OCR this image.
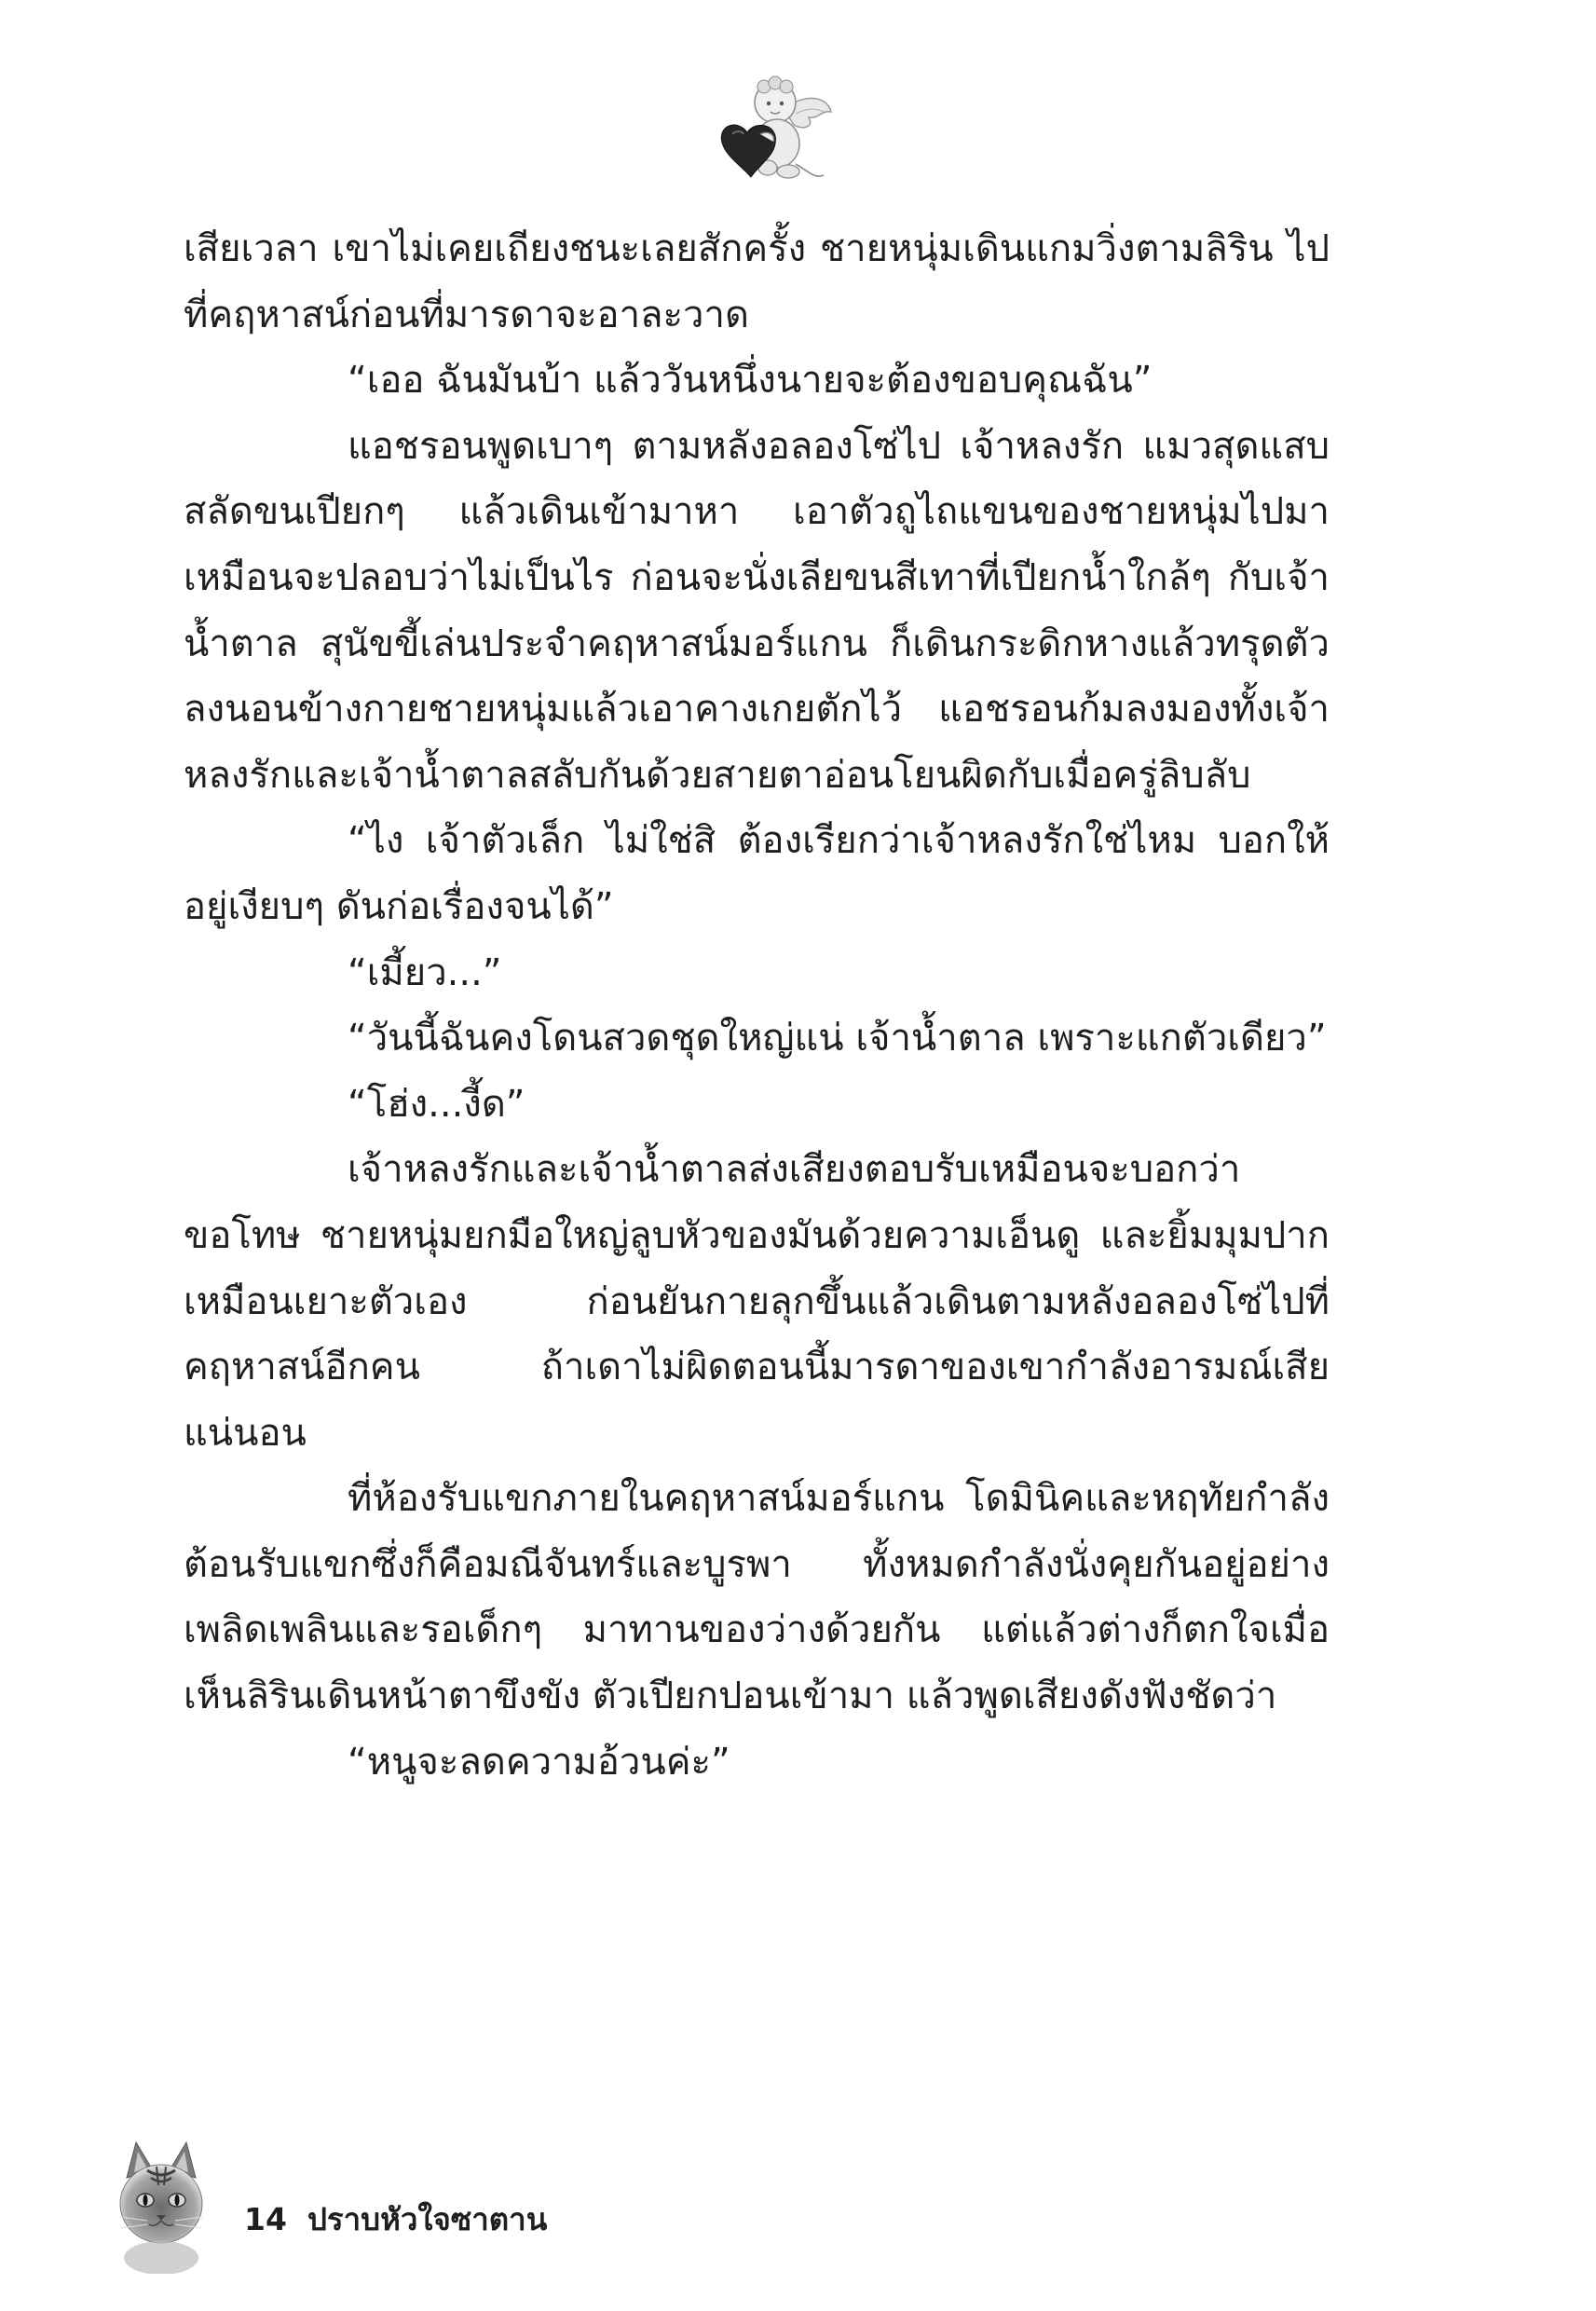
เสียเวลา เขาไม่เคยเถียงชนะเลยสักครั้ง ชายหนุ่มเดินแกมวิ่งตามลิริน ไปที่คฤหาสน์ก่อนที่มารดาจะอาละวาด

“เออ ฉันมันบ้า แล้ววันหนึ่งนายจะต้องขอบคุณฉัน”

แอชรอนพูดเบาๆ ตามหลังอลองโซ่ไป เจ้าหลงรัก แมวสุดแสบสลัดขนเปียกๆ แล้วเดินเข้ามาหา เอาตัวถูไถแขนของชายหนุ่มไปมาเหมือนจะปลอบว่าไม่เป็นไร ก่อนจะนั่งเลียขนสีเทาที่เปียกน้ำใกล้ๆ กับเจ้าน้ำตาล สุนัขขี้เล่นประจำคฤหาสน์มอร์แกน ก็เดินกระดิกหางแล้วทรุดตัวลงนอนข้างกายชายหนุ่มแล้วเอาคางเกยตักไว้ แอชรอนก้มลงมองทั้งเจ้าหลงรักและเจ้าน้ำตาลสลับกันด้วยสายตาอ่อนโยนผิดกับเมื่อครู่ลิบลับ

“ไง เจ้าตัวเล็ก ไม่ใช่สิ ต้องเรียกว่าเจ้าหลงรักใช่ไหม บอกให้อยู่เงียบๆ ดันก่อเรื่องจนได้”

“เมี้ยว...”

“วันนี้ฉันคงโดนสวดชุดใหญ่แน่ เจ้าน้ำตาล เพราะแกตัวเดียว”

“โฮ่ง...งี้ด”

เจ้าหลงรักและเจ้าน้ำตาลส่งเสียงตอบรับเหมือนจะบอกว่าขอโทษ ชายหนุ่มยกมือใหญ่ลูบหัวของมันด้วยความเอ็นดู และยิ้มมุมปากเหมือนเยาะตัวเอง ก่อนยันกายลุกขึ้นแล้วเดินตามหลังอลองโซ่ไปที่คฤหาสน์อีกคน ถ้าเดาไม่ผิดตอนนี้มารดาของเขากำลังอารมณ์เสียแน่นอน

ที่ห้องรับแขกภายในคฤหาสน์มอร์แกน โดมินิคและหฤทัยกำลังต้อนรับแขกซึ่งก็คือมณีจันทร์และบูรพา ทั้งหมดกำลังนั่งคุยกันอยู่อย่างเพลิดเพลินและรอเด็กๆ มาทานของว่างด้วยกัน แต่แล้วต่างก็ตกใจเมื่อเห็นลิรินเดินหน้าตาขึงขัง ตัวเปียกปอนเข้ามา แล้วพูดเสียงดังฟังชัดว่า

“หนูจะลดความอ้วนค่ะ”

14 ปราบหัวใจซาตาน
